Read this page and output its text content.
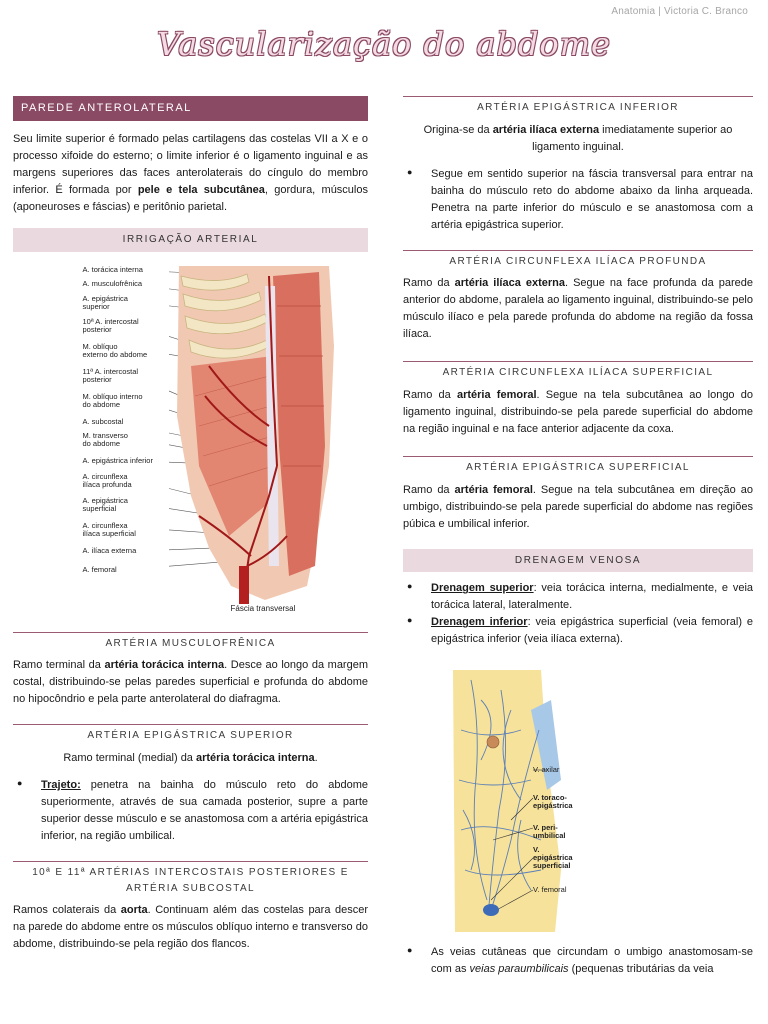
Anatomia | Victoria C. Branco
Vascularização do abdome
PAREDE ANTEROLATERAL

Seu limite superior é formado pelas cartilagens das costelas VII a X e o processo xifoide do esterno; o limite inferior é o ligamento inguinal e as margens superiores das faces anterolaterais do cíngulo do membro inferior. É formada por pele e tela subcutânea, gordura, músculos (aponeuroses e fáscias) e peritônio parietal.

IRRIGAÇÃO ARTERIAL
A. torácica interna
A. musculofrênica
A. epigástrica
superior
10ª A. intercostal
posterior
M. oblíquo
externo do abdome
11ª A. intercostal
posterior
M. oblíquo interno
do abdome
A. subcostal
M. transverso
do abdome
A. epigástrica inferior
A. circunflexa
ilíaca profunda
A. epigástrica
superficial
A. circunflexa
ilíaca superficial
A. ilíaca externa
A. femoral
Fáscia transversal
ARTÉRIA MUSCULOFRÊNICA

Ramo terminal da artéria torácica interna. Desce ao longo da margem costal, distribuindo-se pelas paredes superficial e profunda do abdome no hipocôndrio e pela parte anterolateral do diafragma.

ARTÉRIA EPIGÁSTRICA SUPERIOR

Ramo terminal (medial) da artéria torácica interna.

● Trajeto: penetra na bainha do músculo reto do abdome superiormente, através de sua camada posterior, supre a parte superior desse músculo e se anastomosa com a artéria epigástrica inferior, na região umbilical.
10ª E 11ª ARTÉRIAS INTERCOSTAIS POSTERIORES E
ARTÉRIA SUBCOSTAL

Ramos colaterais da aorta. Continuam além das costelas para descer na parede do abdome entre os músculos oblíquo interno e transverso do abdome, distribuindo-se pela região dos flancos.

ARTÉRIA EPIGÁSTRICA INFERIOR

Origina-se da artéria ilíaca externa imediatamente superior ao ligamento inguinal.

● Segue em sentido superior na fáscia transversal para entrar na bainha do músculo reto do abdome abaixo da linha arqueada. Penetra na parte inferior do músculo e se anastomosa com a artéria epigástrica superior.
ARTÉRIA CIRCUNFLEXA ILÍACA PROFUNDA

Ramo da artéria ilíaca externa. Segue na face profunda da parede anterior do abdome, paralela ao ligamento inguinal, distribuindo-se pelo músculo ilíaco e pela parede profunda do abdome na região da fossa ilíaca.

ARTÉRIA CIRCUNFLEXA ILÍACA SUPERFICIAL

Ramo da artéria femoral. Segue na tela subcutânea ao longo do ligamento inguinal, distribuindo-se pela parede superficial do abdome na região inguinal e na face anterior adjacente da coxa.

ARTÉRIA EPIGÁSTRICA SUPERFICIAL

Ramo da artéria femoral. Segue na tela subcutânea em direção ao umbigo, distribuindo-se pela parede superficial do abdome nas regiões púbica e umbilical inferior.

DRENAGEM VENOSA
● Drenagem superior: veia torácica interna, medialmente, e veia torácica lateral, lateralmente.
● Drenagem inferior: veia epigástrica superficial (veia femoral) e epigástrica inferior (veia ilíaca externa).
V. axilar
V. toraco-
epigástrica
V. peri-
umbilical
V.
epigástrica
superficial
V. femoral
● As veias cutâneas que circundam o umbigo anastomosam-se com as veias paraumbilicais (pequenas tributárias da veia
